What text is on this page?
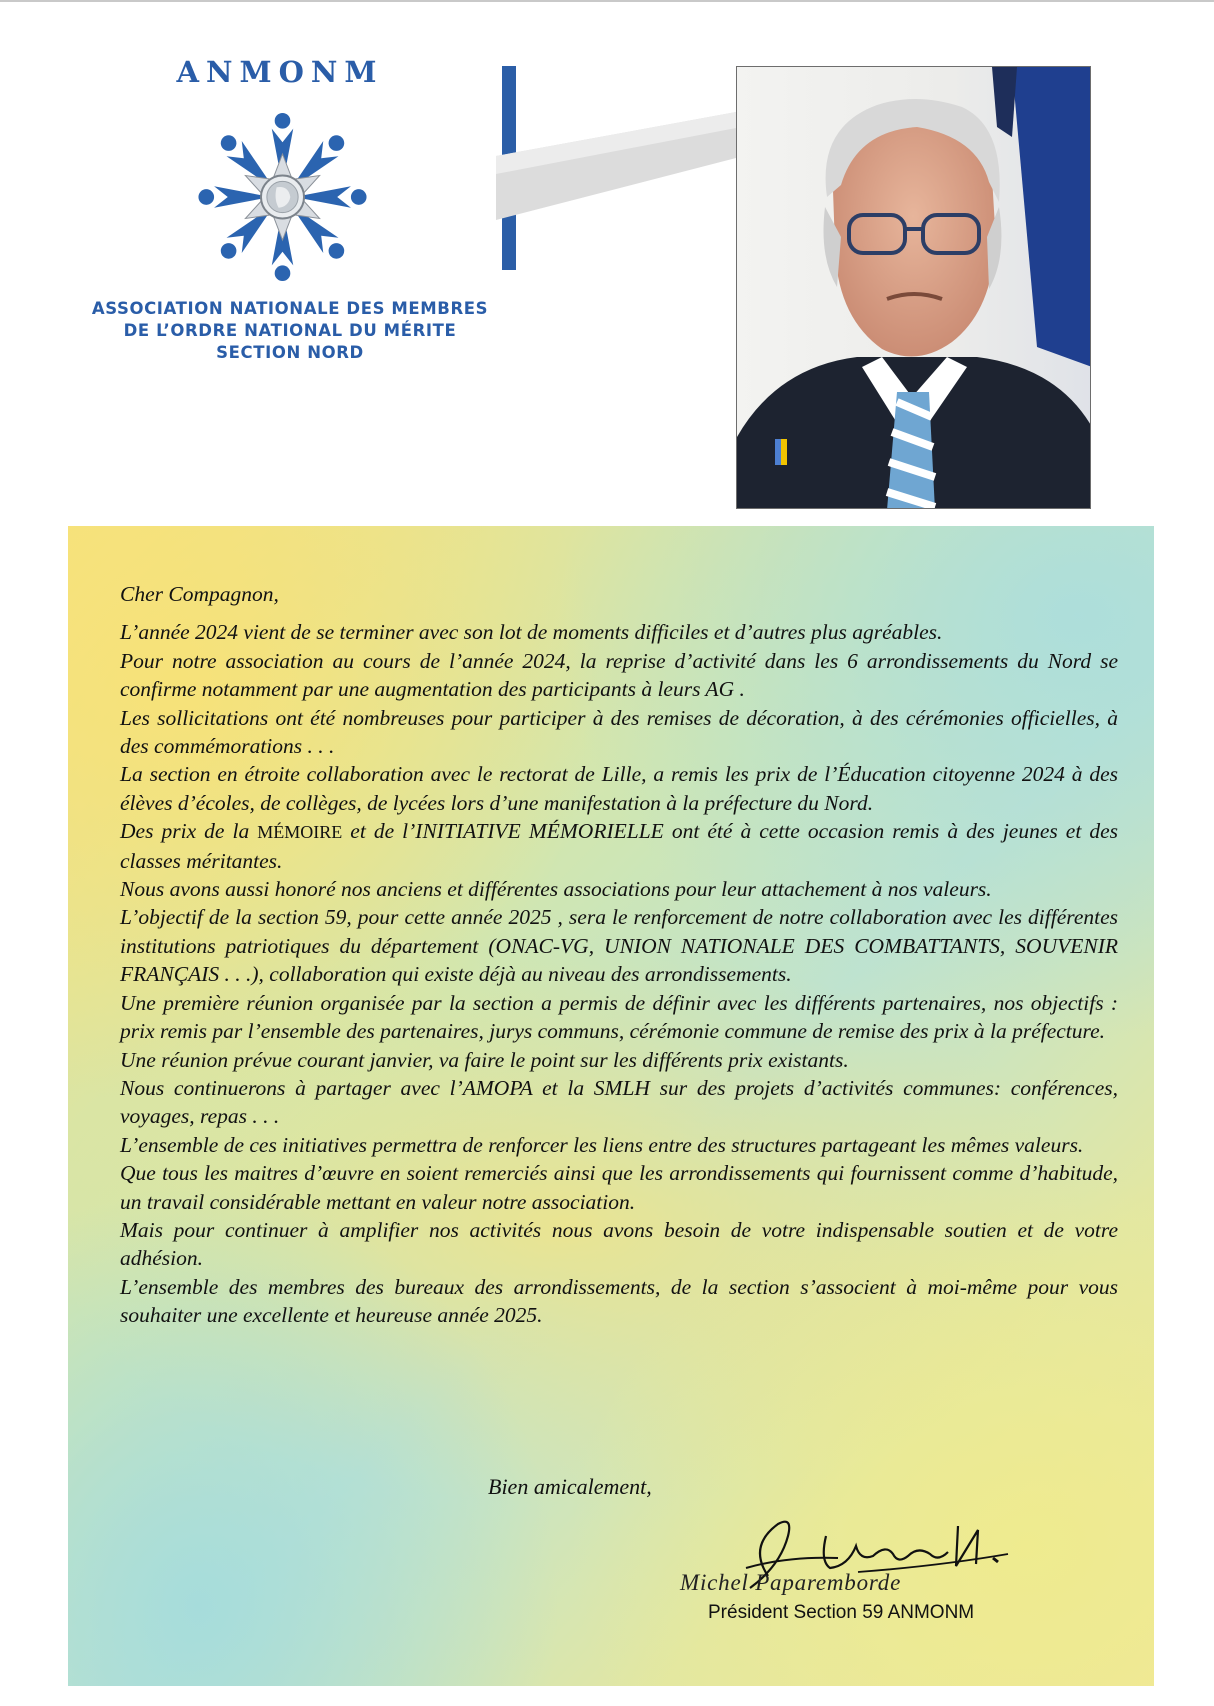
ANMONM
ASSOCIATION NATIONALE DES MEMBRES
DE L’ORDRE NATIONAL DU MÉRITE
SECTION NORD

Cher Compagnon,

L’année 2024 vient de se terminer avec son lot de moments difficiles et d’autres plus agréables.

Pour notre association au cours de l’année 2024, la reprise d’activité dans les 6 arrondissements du Nord se confirme notamment par une augmentation des participants à leurs AG .

Les sollicitations ont été nombreuses pour participer à des remises de décoration, à des cérémonies officielles, à des commémorations . . .

La section en étroite collaboration avec le rectorat de Lille, a remis les prix de l’Éducation citoyenne 2024 à des élèves d’écoles, de collèges, de lycées lors d’une manifestation à la préfecture du Nord.

Des prix de la MÉMOIRE et de l’INITIATIVE MÉMORIELLE ont été à cette occasion remis à des jeunes et des classes méritantes.

Nous avons aussi honoré nos anciens et différentes associations pour leur attachement à nos valeurs.

L’objectif de la section 59, pour cette année 2025 , sera le renforcement de notre collaboration avec les différentes institutions patriotiques du département (ONAC-VG, UNION NATIONALE DES COMBATTANTS, SOUVENIR FRANÇAIS . . .), collaboration qui existe déjà au niveau des arrondissements.

Une première réunion organisée par la section a permis de définir avec les différents partenaires, nos objectifs : prix remis par l’ensemble des partenaires, jurys communs, cérémonie commune de remise des prix à la préfecture.

Une réunion prévue courant janvier, va faire le point sur les différents prix existants.

Nous continuerons à partager avec l’AMOPA et la SMLH sur des projets d’activités communes: conférences, voyages, repas . . .

L’ensemble de ces initiatives permettra de renforcer les liens entre des structures partageant les mêmes valeurs.

Que tous les maitres d’œuvre en soient remerciés ainsi que les arrondissements qui fournissent comme d’habitude, un travail considérable mettant en valeur notre association.

Mais pour continuer à amplifier nos activités nous avons besoin de votre indispensable soutien et de votre adhésion.

L’ensemble des membres des bureaux des arrondissements, de la section s’associent à moi-même pour vous souhaiter une excellente et heureuse année 2025.

Bien amicalement,
Michel Paparemborde
Président Section 59 ANMONM
